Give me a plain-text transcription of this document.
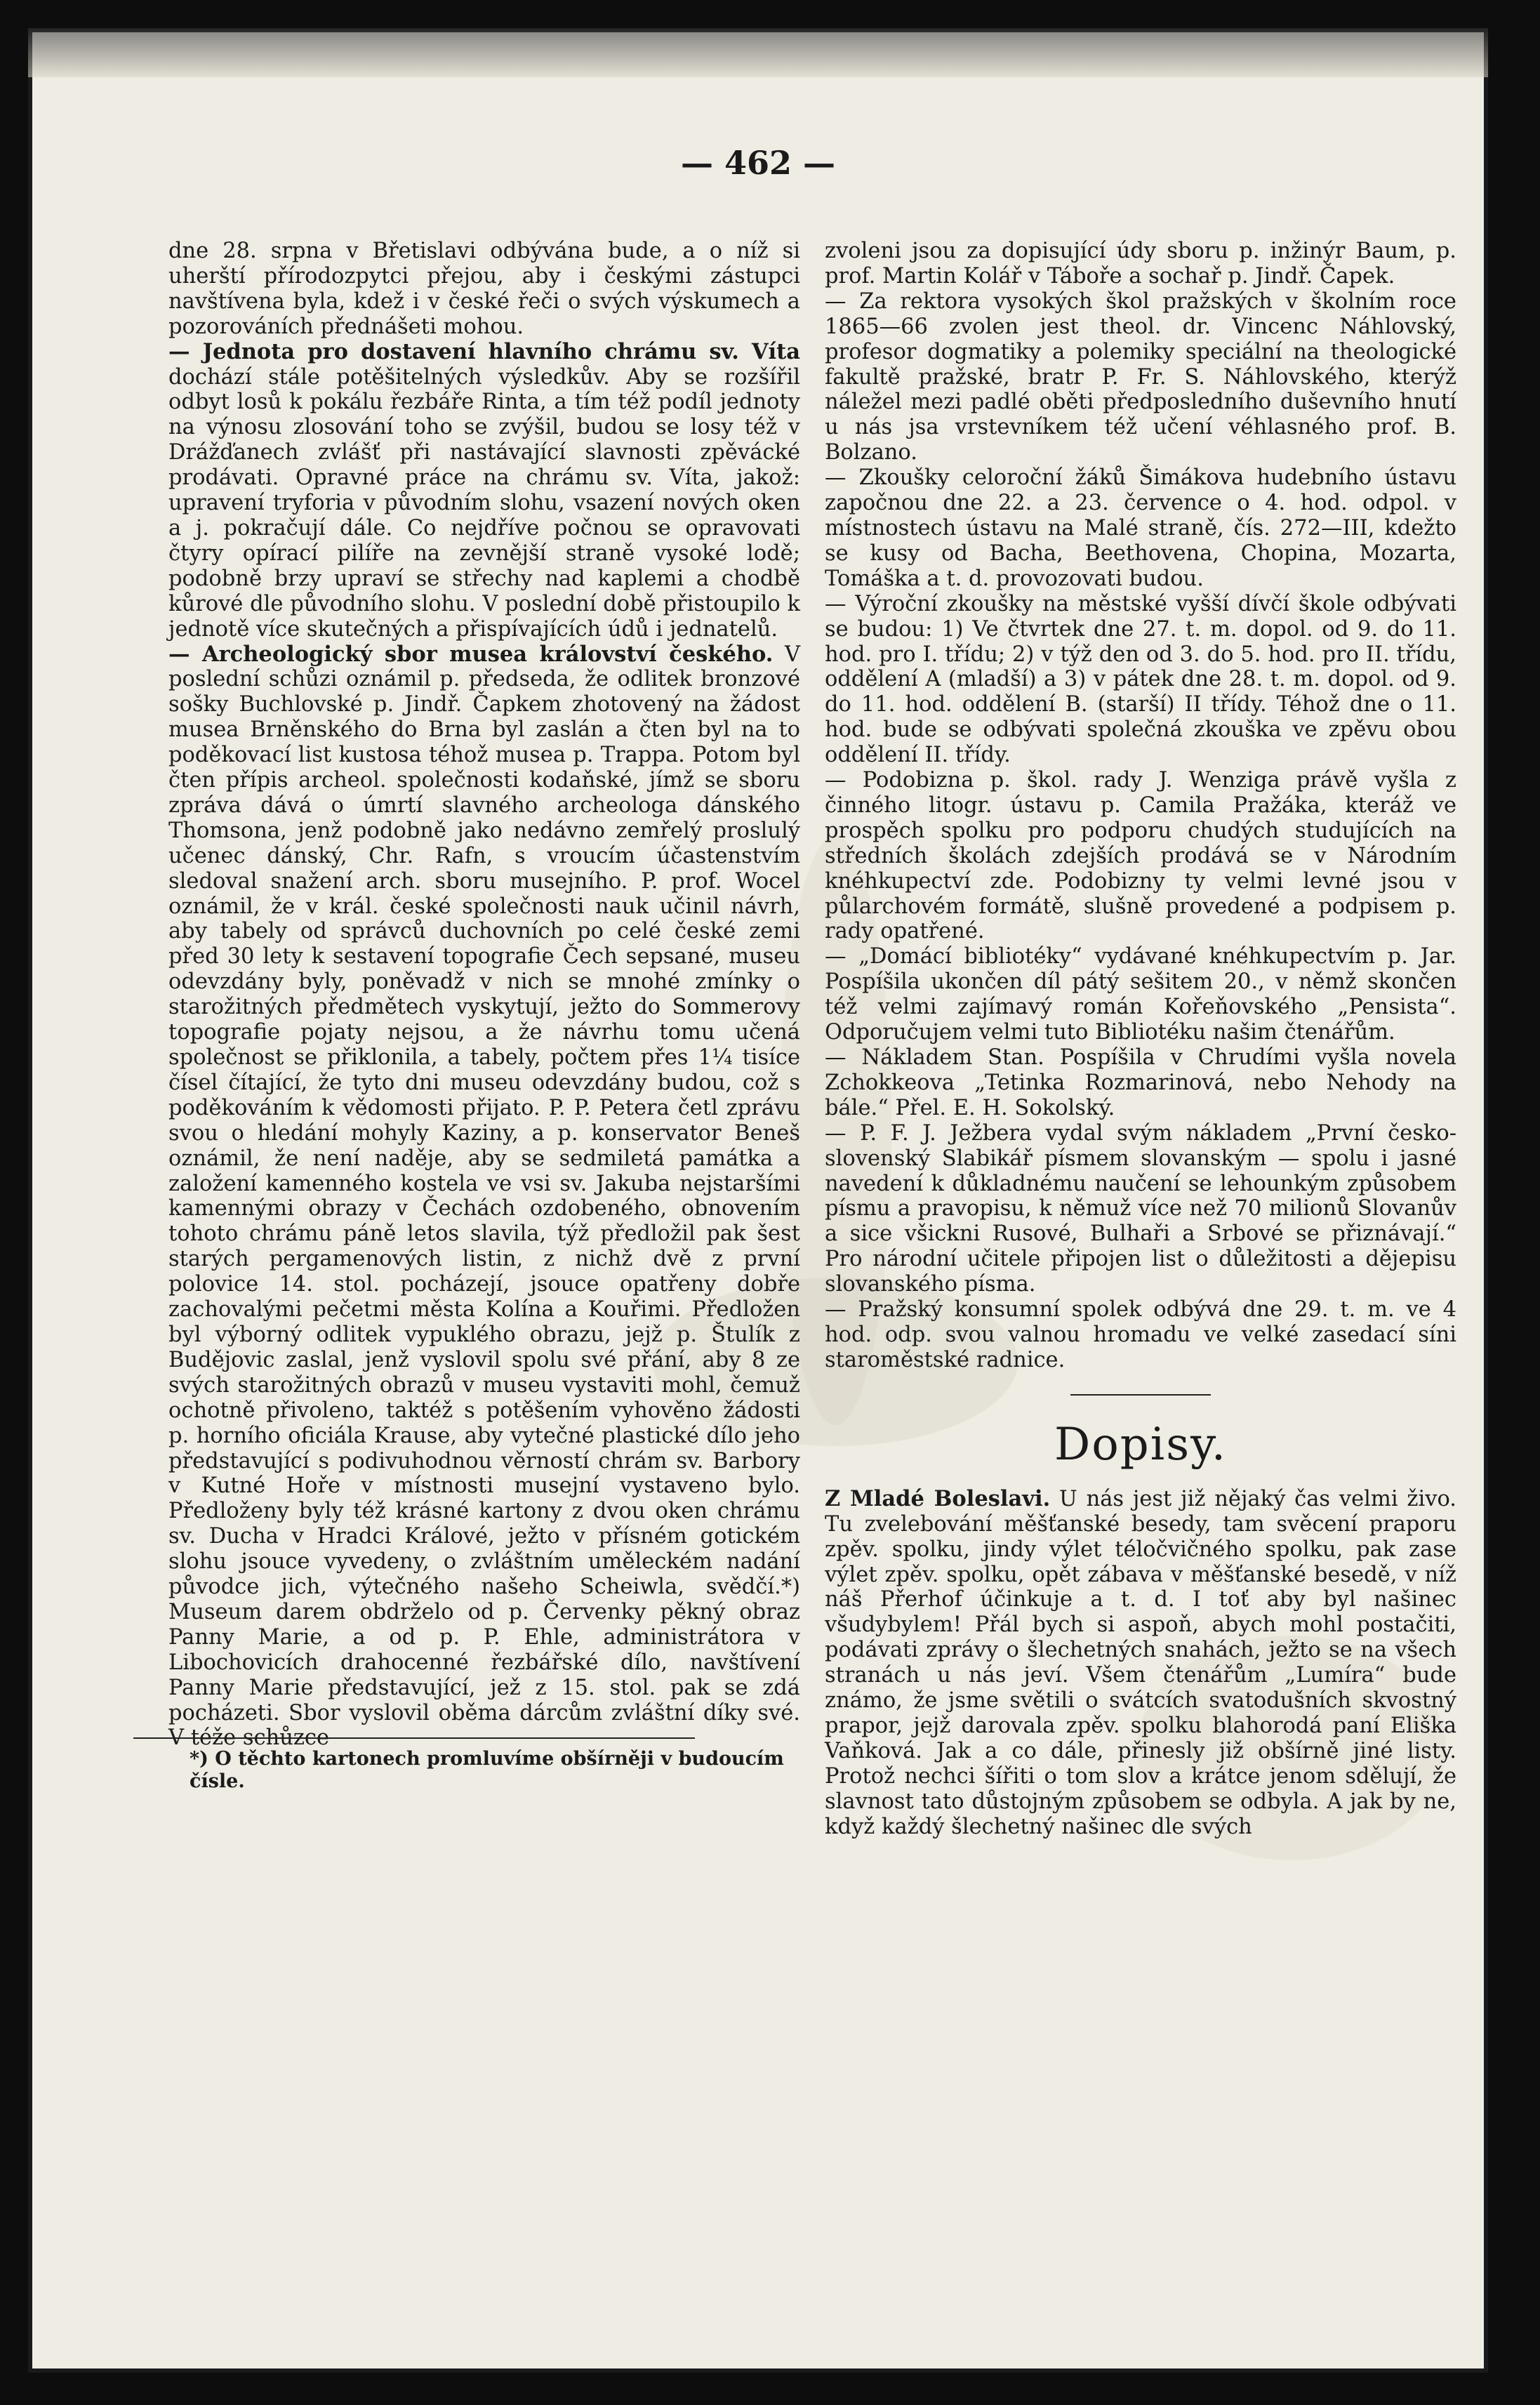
— 462 —

dne 28. srpna v Břetislavi odbývána bude, a o níž si uherští přírodozpytci přejou, aby i českými zástupci navštívena byla, kdež i v české řeči o svých výskumech a pozorováních přednášeti mohou.

— Jednota pro dostavení hlavního chrámu sv. Víta dochází stále potěšitelných výsledkův. Aby se rozšířil odbyt losů k pokálu řezbáře Rinta, a tím též podíl jednoty na výnosu zlosování toho se zvýšil, budou se losy též v Drážďanech zvlášť při nastávající slavnosti zpěvácké prodávati. Opravné práce na chrámu sv. Víta, jakož: upravení tryforia v původním slohu, vsazení nových oken a j. pokračují dále. Co nejdříve počnou se opravovati čtyry opírací pilíře na zevnější straně vysoké lodě; podobně brzy upraví se střechy nad kaplemi a chodbě kůrové dle původního slohu. V poslední době přistoupilo k jednotě více skutečných a přispívajících údů i jednatelů.

— Archeologický sbor musea království českého. V poslední schůzi oznámil p. předseda, že odlitek bronzové sošky Buchlovské p. Jindř. Čapkem zhotovený na žádost musea Brněnského do Brna byl zaslán a čten byl na to poděkovací list kustosa téhož musea p. Trappa. Potom byl čten přípis archeol. společnosti kodaňské, jímž se sboru zpráva dává o úmrtí slavného archeologa dánského Thomsona, jenž podobně jako nedávno zemřelý proslulý učenec dánský, Chr. Rafn, s vroucím účastenstvím sledoval snažení arch. sboru musejního. P. prof. Wocel oznámil, že v král. české společnosti nauk učinil návrh, aby tabely od správců duchovních po celé české zemi před 30 lety k sestavení topografie Čech sepsané, museu odevzdány byly, poněvadž v nich se mnohé zmínky o starožitných předmětech vyskytují, ježto do Sommerovy topografie pojaty nejsou, a že návrhu tomu učená společnost se přiklonila, a tabely, počtem přes 1¼ tisíce čísel čítající, že tyto dni museu odevzdány budou, což s poděkováním k vědomosti přijato. P. P. Petera četl zprávu svou o hledání mohyly Kaziny, a p. konservator Beneš oznámil, že není naděje, aby se sedmiletá památka a založení kamenného kostela ve vsi sv. Jakuba nejstaršími kamennými obrazy v Čechách ozdobeného, obnovením tohoto chrámu páně letos slavila, týž předložil pak šest starých pergamenových listin, z nichž dvě z první polovice 14. stol. pocházejí, jsouce opatřeny dobře zachovalými pečetmi města Kolína a Kouřimi. Předložen byl výborný odlitek vypuklého obrazu, jejž p. Štulík z Budějovic zaslal, jenž vyslovil spolu své přání, aby 8 ze svých starožitných obrazů v museu vystaviti mohl, čemuž ochotně přivoleno, taktéž s potěšením vyhověno žádosti p. horního oficiála Krause, aby vytečné plastické dílo jeho představující s podivuhodnou věrností chrám sv. Barbory v Kutné Hoře v místnosti musejní vystaveno bylo. Předloženy byly též krásné kartony z dvou oken chrámu sv. Ducha v Hradci Králové, ježto v přísném gotickém slohu jsouce vyvedeny, o zvláštním uměleckém nadání původce jich, výtečného našeho Scheiwla, svědčí.*) Museum darem obdrželo od p. Červenky pěkný obraz Panny Marie, a od p. P. Ehle, administrátora v Libochovicích drahocenné řezbářské dílo, navštívení Panny Marie představující, jež z 15. stol. pak se zdá pocházeti. Sbor vyslovil oběma dárcům zvláštní díky své. V téže schůzce

*) O těchto kartonech promluvíme obšírněji v budoucím čísle.

zvoleni jsou za dopisující údy sboru p. inžinýr Baum, p. prof. Martin Kolář v Táboře a sochař p. Jindř. Čapek.

— Za rektora vysokých škol pražských v školním roce 1865—66 zvolen jest theol. dr. Vincenc Náhlovský, profesor dogmatiky a polemiky speciální na theologické fakultě pražské, bratr P. Fr. S. Náhlovského, kterýž náležel mezi padlé oběti předposledního duševního hnutí u nás jsa vrstevníkem též učení véhlasného prof. B. Bolzano.

— Zkoušky celoroční žáků Šimákova hudebního ústavu započnou dne 22. a 23. července o 4. hod. odpol. v místnostech ústavu na Malé straně, čís. 272—III, kdežto se kusy od Bacha, Beethovena, Chopina, Mozarta, Tomáška a t. d. provozovati budou.

— Výroční zkoušky na městské vyšší dívčí škole odbývati se budou: 1) Ve čtvrtek dne 27. t. m. dopol. od 9. do 11. hod. pro I. třídu; 2) v týž den od 3. do 5. hod. pro II. třídu, oddělení A (mladší) a 3) v pátek dne 28. t. m. dopol. od 9. do 11. hod. oddělení B. (starší) II třídy. Téhož dne o 11. hod. bude se odbývati společná zkouška ve zpěvu obou oddělení II. třídy.

— Podobizna p. škol. rady J. Wenziga právě vyšla z činného litogr. ústavu p. Camila Pražáka, kteráž ve prospěch spolku pro podporu chudých studujících na středních školách zdejších prodává se v Národním knéhkupectví zde. Podobizny ty velmi levné jsou v půlarchovém formátě, slušně provedené a podpisem p. rady opatřené.

— „Domácí bibliotéky“ vydávané knéhkupectvím p. Jar. Pospíšila ukončen díl pátý sešitem 20., v němž skončen též velmi zajímavý román Kořeňovského „Pensista“. Odporučujem velmi tuto Bibliotéku našim čtenářům.

— Nákladem Stan. Pospíšila v Chrudími vyšla novela Zchokkeova „Tetinka Rozmarinová, nebo Nehody na bále.“ Přel. E. H. Sokolský.

— P. F. J. Ježbera vydal svým nákladem „První česko-slovenský Slabikář písmem slovanským — spolu i jasné navedení k důkladnému naučení se lehounkým způsobem písmu a pravopisu, k němuž více než 70 milionů Slovanův a sice všickni Rusové, Bulhaři a Srbové se přiznávají.“ Pro národní učitele připojen list o důležitosti a dějepisu slovanského písma.

— Pražský konsumní spolek odbývá dne 29. t. m. ve 4 hod. odp. svou valnou hromadu ve velké zasedací síni staroměstské radnice.

Dopisy.

Z Mladé Boleslavi. U nás jest již nějaký čas velmi živo. Tu zvelebování měšťanské besedy, tam svěcení praporu zpěv. spolku, jindy výlet téločvičného spolku, pak zase výlet zpěv. spolku, opět zábava v měšťanské besedě, v níž náš Přerhof účinkuje a t. d. I toť aby byl našinec všudybylem! Přál bych si aspoň, abych mohl postačiti, podávati zprávy o šlechetných snahách, ježto se na všech stranách u nás jeví. Všem čtenářům „Lumíra“ bude známo, že jsme světili o svátcích svatodušních skvostný prapor, jejž darovala zpěv. spolku blahorodá paní Eliška Vaňková. Jak a co dále, přinesly již obšírně jiné listy. Protož nechci šířiti o tom slov a krátce jenom sdělují, že slavnost tato důstojným způsobem se odbyla. A jak by ne, když každý šlechetný našinec dle svých
